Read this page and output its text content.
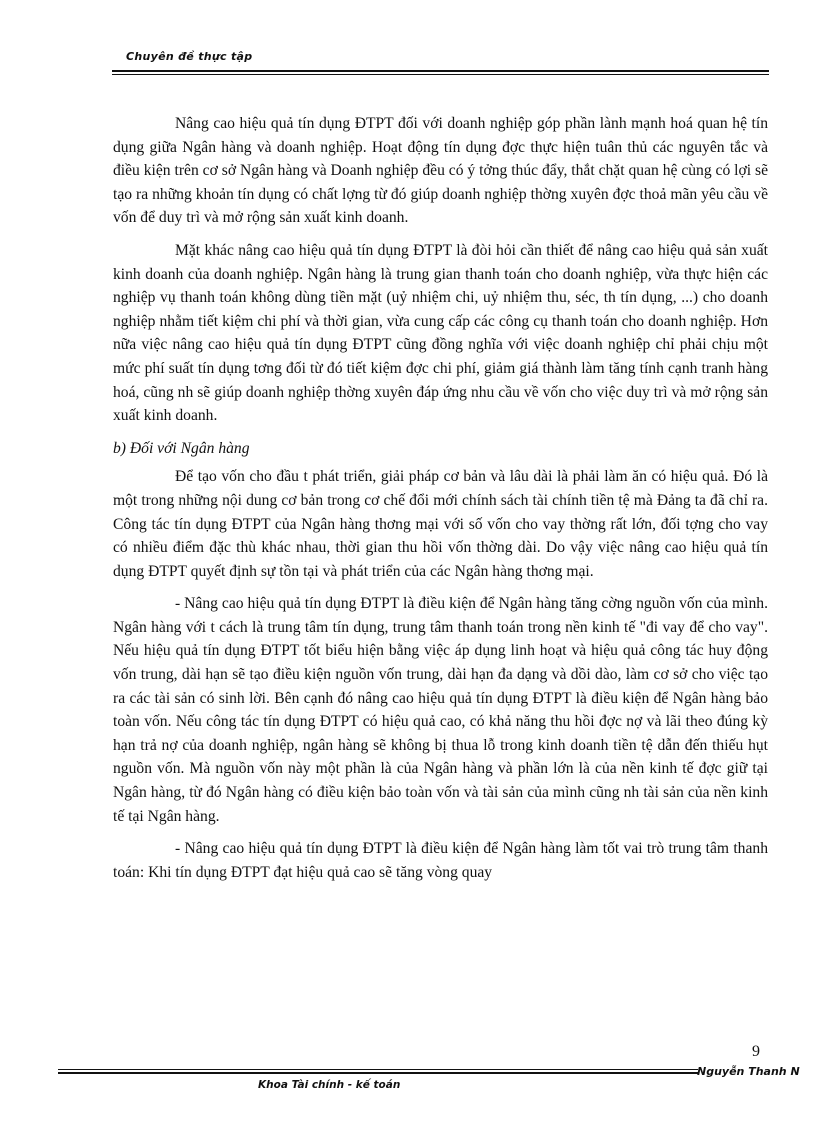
Chuyên đề thực tập

Nâng cao hiệu quả tín dụng ĐTPT đối với doanh nghiệp góp phần lành mạnh hoá quan hệ tín dụng giữa Ngân hàng và doanh nghiệp. Hoạt động tín dụng đợc thực hiện tuân thủ các nguyên tắc và điều kiện trên cơ sở Ngân hàng và Doanh nghiệp đều có ý tởng thúc đẩy, thắt chặt quan hệ cùng có lợi sẽ tạo ra những khoản tín dụng có chất lợng từ đó giúp doanh nghiệp thờng xuyên đợc thoả mãn yêu cầu về vốn để duy trì và mở rộng sản xuất kinh doanh.

Mặt khác nâng cao hiệu quả tín dụng ĐTPT là đòi hỏi cần thiết để nâng cao hiệu quả sản xuất kinh doanh của doanh nghiệp. Ngân hàng là trung gian thanh toán cho doanh nghiệp, vừa thực hiện các nghiệp vụ thanh toán không dùng tiền mặt (uỷ nhiệm chi, uỷ nhiệm thu, séc, th tín dụng, ...) cho doanh nghiệp nhằm tiết kiệm chi phí và thời gian, vừa cung cấp các công cụ thanh toán cho doanh nghiệp. Hơn nữa việc nâng cao hiệu quả tín dụng ĐTPT cũng đồng nghĩa với việc doanh nghiệp chỉ phải chịu một mức phí suất tín dụng tơng đối từ đó tiết kiệm đợc chi phí, giảm giá thành làm tăng tính cạnh tranh hàng hoá, cũng nh sẽ giúp doanh nghiệp thờng xuyên đáp ứng nhu cầu về vốn cho việc duy trì và mở rộng sản xuất kinh doanh.

b) Đối với Ngân hàng

Để tạo vốn cho đầu t phát triển, giải pháp cơ bản và lâu dài là phải làm ăn có hiệu quả. Đó là một trong những nội dung cơ bản trong cơ chế đổi mới chính sách tài chính tiền tệ mà Đảng ta đã chỉ ra. Công tác tín dụng ĐTPT của Ngân hàng thơng mại với số vốn cho vay thờng rất lớn, đối tợng cho vay có nhiều điểm đặc thù khác nhau, thời gian thu hồi vốn thờng dài. Do vậy việc nâng cao hiệu quả tín dụng ĐTPT quyết định sự tồn tại và phát triển của các Ngân hàng thơng mại.

- Nâng cao hiệu quả tín dụng ĐTPT là điều kiện để Ngân hàng tăng cờng nguồn vốn của mình. Ngân hàng với t cách là trung tâm tín dụng, trung tâm thanh toán trong nền kinh tế "đi vay để cho vay". Nếu hiệu quả tín dụng ĐTPT tốt biểu hiện bằng việc áp dụng linh hoạt và hiệu quả công tác huy động vốn trung, dài hạn sẽ tạo điều kiện nguồn vốn trung, dài hạn đa dạng và dồi dào, làm cơ sở cho việc tạo ra các tài sản có sinh lời. Bên cạnh đó nâng cao hiệu quả tín dụng ĐTPT là điều kiện để Ngân hàng bảo toàn vốn. Nếu công tác tín dụng ĐTPT có hiệu quả cao, có khả năng thu hồi đợc nợ và lãi theo đúng kỳ hạn trả nợ của doanh nghiệp, ngân hàng sẽ không bị thua lỗ trong kinh doanh tiền tệ dẫn đến thiếu hụt nguồn vốn. Mà nguồn vốn này một phần là của Ngân hàng và phần lớn là của nền kinh tế đợc giữ tại Ngân hàng, từ đó Ngân hàng có điều kiện bảo toàn vốn và tài sản của mình cũng nh tài sản của nền kinh tế tại Ngân hàng.

- Nâng cao hiệu quả tín dụng ĐTPT là điều kiện để Ngân hàng làm tốt vai trò trung tâm thanh toán: Khi tín dụng ĐTPT đạt hiệu quả cao sẽ tăng vòng quay

9
Khoa Tài chính - kế toán
Nguyễn Thanh N
